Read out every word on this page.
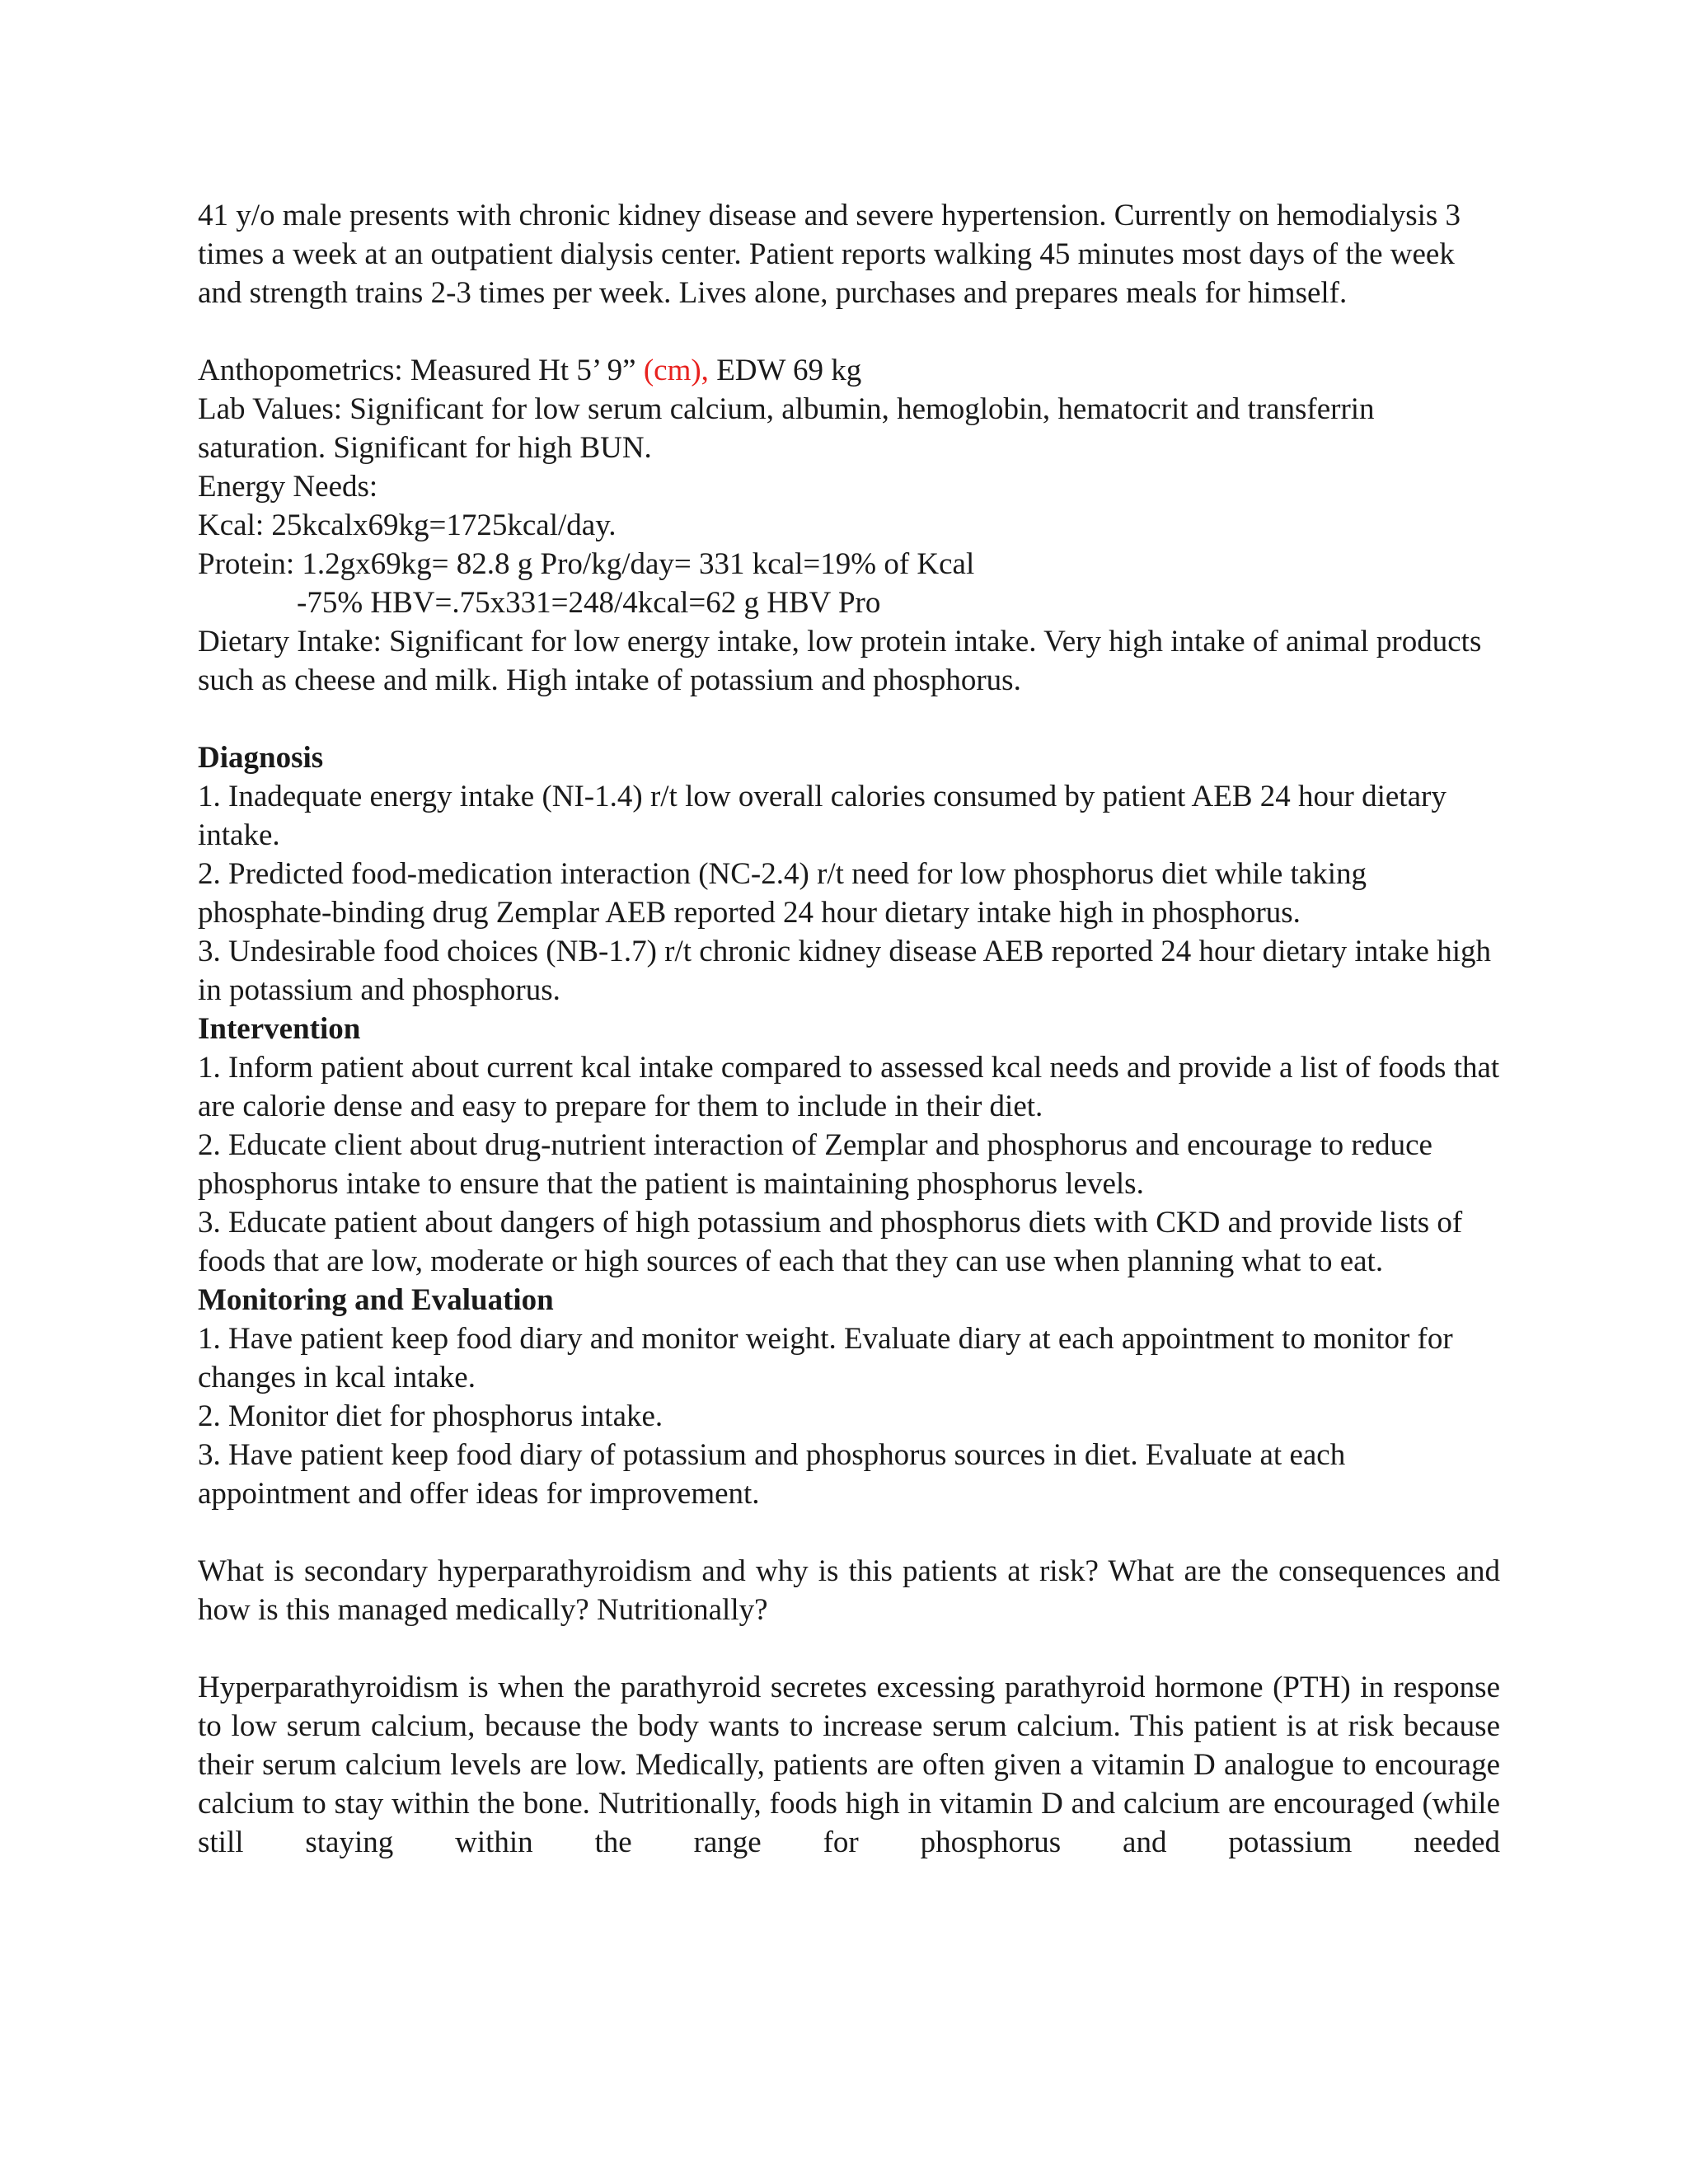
41 y/o male presents with chronic kidney disease and severe hypertension. Currently on hemodialysis 3 times a week at an outpatient dialysis center. Patient reports walking 45 minutes most days of the week and strength trains 2-3 times per week. Lives alone, purchases and prepares meals for himself.

Anthopometrics: Measured Ht 5’ 9” (cm), EDW 69 kg

Lab Values: Significant for low serum calcium, albumin, hemoglobin, hematocrit and transferrin saturation. Significant for high BUN.

Energy Needs:

Kcal: 25kcalx69kg=1725kcal/day.

Protein: 1.2gx69kg= 82.8 g Pro/kg/day= 331 kcal=19% of Kcal

-75% HBV=.75x331=248/4kcal=62 g HBV Pro

Dietary Intake: Significant for low energy intake, low protein intake. Very high intake of animal products such as cheese and milk. High intake of potassium and phosphorus.

Diagnosis

1. Inadequate energy intake (NI-1.4) r/t low overall calories consumed by patient AEB 24 hour dietary intake.

2. Predicted food-medication interaction (NC-2.4) r/t need for low phosphorus diet while taking phosphate-binding drug Zemplar AEB reported 24 hour dietary intake high in phosphorus.

3. Undesirable food choices (NB-1.7) r/t chronic kidney disease AEB reported 24 hour dietary intake high in potassium and phosphorus.

Intervention

1. Inform patient about current kcal intake compared to assessed kcal needs and provide a list of foods that are calorie dense and easy to prepare for them to include in their diet.

2. Educate client about drug-nutrient interaction of Zemplar and phosphorus and encourage to reduce phosphorus intake to ensure that the patient is maintaining phosphorus levels.

3. Educate patient about dangers of high potassium and phosphorus diets with CKD and provide lists of foods that are low, moderate or high sources of each that they can use when planning what to eat.

Monitoring and Evaluation

1. Have patient keep food diary and monitor weight. Evaluate diary at each appointment to monitor for changes in kcal intake.

2. Monitor diet for phosphorus intake.

3. Have patient keep food diary of potassium and phosphorus sources in diet. Evaluate at each appointment and offer ideas for improvement.

What is secondary hyperparathyroidism and why is this patients at risk? What are the consequences and how is this managed medically? Nutritionally?

Hyperparathyroidism is when the parathyroid secretes excessing parathyroid hormone (PTH) in response to low serum calcium, because the body wants to increase serum calcium. This patient is at risk because their serum calcium levels are low. Medically, patients are often given a vitamin D analogue to encourage calcium to stay within the bone. Nutritionally, foods high in vitamin D and calcium are encouraged (while still staying within the range for phosphorus and potassium needed
